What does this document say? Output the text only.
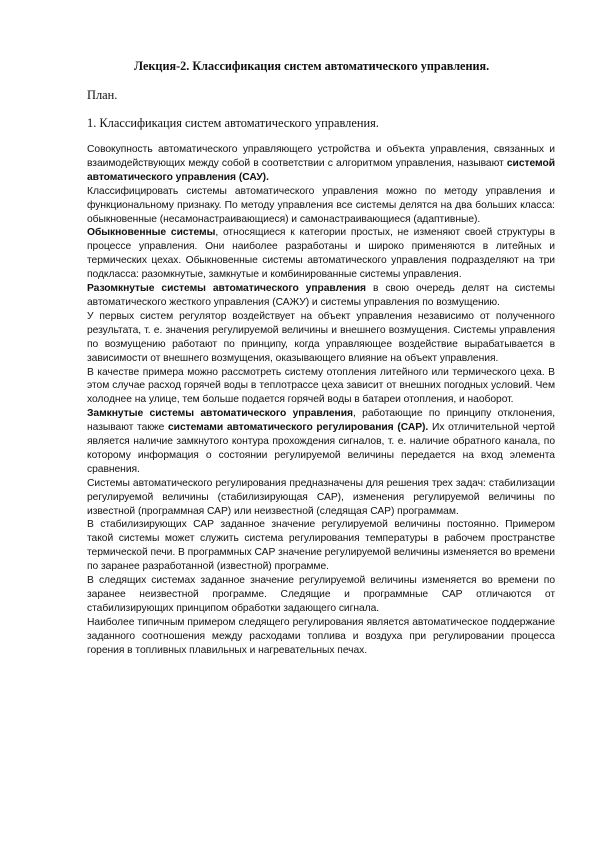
Лекция-2. Классификация систем автоматического управления.
План.
1. Классификация систем автоматического управления.

Совокупность автоматического управляющего устройства и объекта управления, связанных и взаимодействующих между собой в соответствии с алгоритмом управления, называют системой автоматического управления (САУ).

Классифицировать системы автоматического управления можно по методу управления и функциональному признаку. По методу управления все системы делятся на два больших класса: обыкновенные (несамонастраивающиеся) и самонастраивающиеся (адаптивные).

Обыкновенные системы, относящиеся к категории простых, не изменяют своей структуры в процессе управления. Они наиболее разработаны и широко применяются в литейных и термических цехах. Обыкновенные системы автоматического управления подразделяют на три подкласса: разомкнутые, замкнутые и комбинированные системы управления.

Разомкнутые системы автоматического управления в свою очередь делят на системы автоматического жесткого управления (САЖУ) и системы управления по возмущению.

У первых систем регулятор воздействует на объект управления независимо от полученного результата, т. е. значения регулируемой величины и внешнего возмущения. Системы управления по возмущению работают по принципу, когда управляющее воздействие вырабатывается в зависимости от внешнего возмущения, оказывающего влияние на объект управления.

В качестве примера можно рассмотреть систему отопления литейного или термического цеха. В этом случае расход горячей воды в теплотрассе цеха зависит от внешних погодных условий. Чем холоднее на улице, тем больше подается горячей воды в батареи отопления, и наоборот.

Замкнутые системы автоматического управления, работающие по принципу отклонения, называют также системами автоматического регулирования (САР). Их отличительной чертой является наличие замкнутого контура прохождения сигналов, т. е. наличие обратного канала, по которому информация о состоянии регулируемой величины передается на вход элемента сравнения.

Системы автоматического регулирования предназначены для решения трех задач: стабилизации регулируемой величины (стабилизирующая САР), изменения регулируемой величины по известной (программная САР) или неизвестной (следящая САР) программам.

В стабилизирующих САР заданное значение регулируемой величины постоянно. Примером такой системы может служить система регулирования температуры в рабочем пространстве термической печи. В программных САР значение регулируемой величины изменяется во времени по заранее разработанной (известной) программе.

В следящих системах заданное значение регулируемой величины изменяется во времени по заранее неизвестной программе. Следящие и программные САР отличаются от стабилизирующих принципом обработки задающего сигнала.

Наиболее типичным примером следящего регулирования является автоматическое поддержание заданного соотношения между расходами топлива и воздуха при регулировании процесса горения в топливных плавильных и нагревательных печах.
